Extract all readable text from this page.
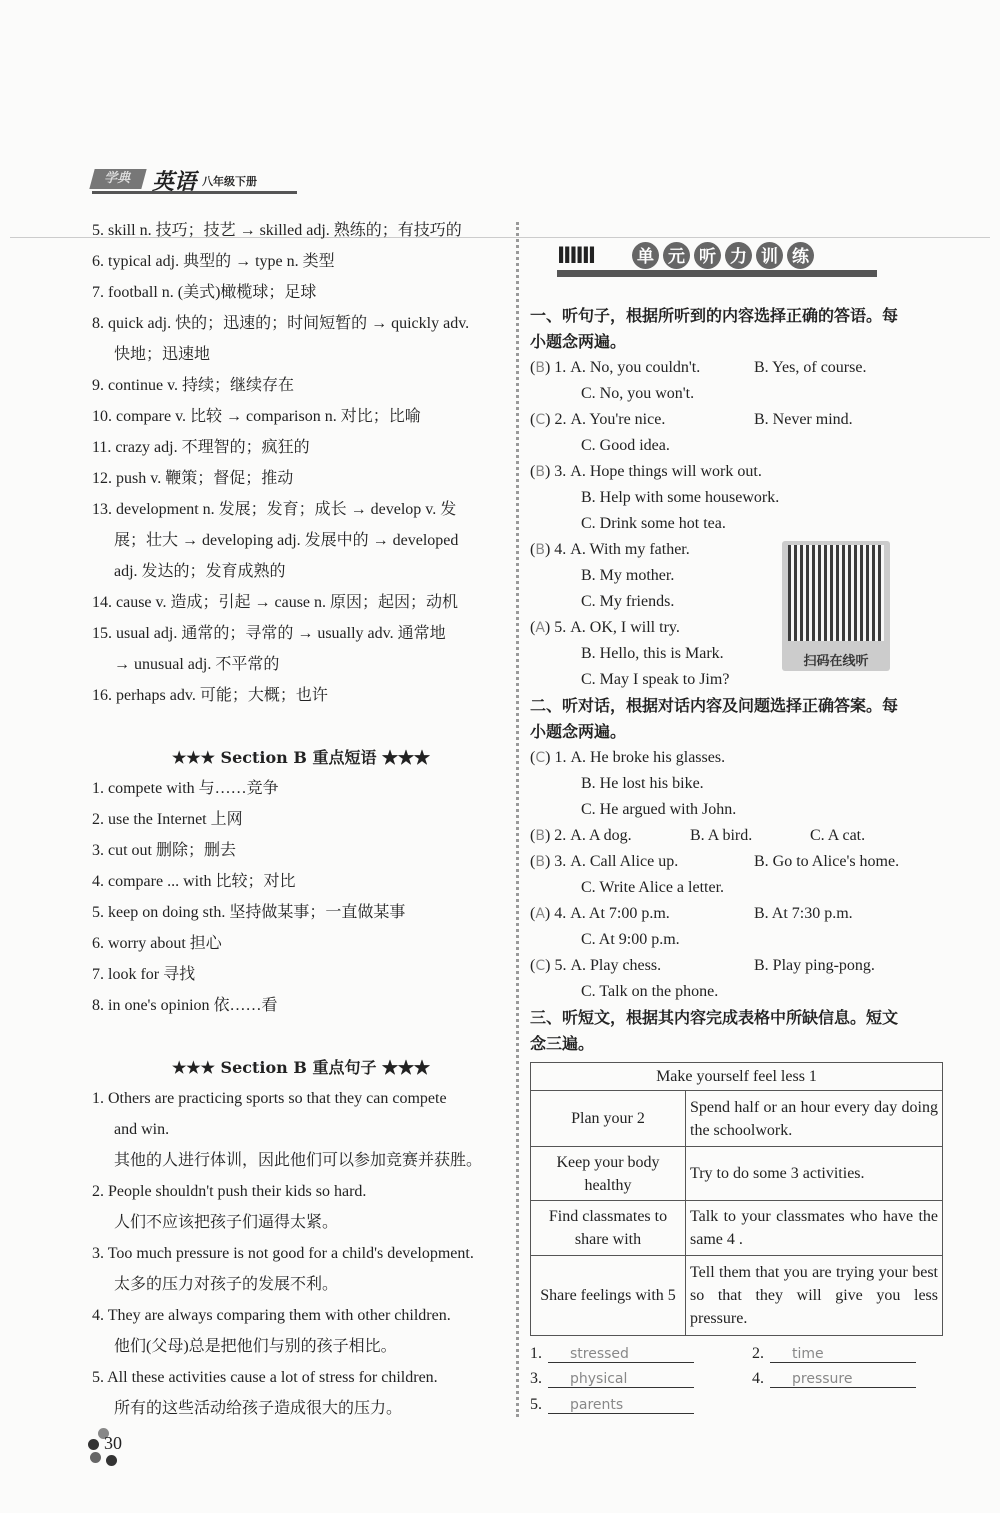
学典 英语 八年级下册
5. skill n. 技巧；技艺 → skilled adj. 熟练的；有技巧的
6. typical adj. 典型的 → type n. 类型
7. football n. (美式)橄榄球；足球
8. quick adj. 快的；迅速的；时间短暂的 → quickly adv.
快地；迅速地
9. continue v. 持续；继续存在
10. compare v. 比较 → comparison n. 对比；比喻
11. crazy adj. 不理智的；疯狂的
12. push v. 鞭策；督促；推动
13. development n. 发展；发育；成长 → develop v. 发
展；壮大 → developing adj. 发展中的 → developed
adj. 发达的；发育成熟的
14. cause v. 造成；引起 → cause n. 原因；起因；动机
15. usual adj. 通常的；寻常的 → usually adv. 通常地
→ unusual adj. 不平常的
16. perhaps adv. 可能；大概；也许
★★★ Section B 重点短语 ★★★
1. compete with 与……竞争
2. use the Internet 上网
3. cut out 删除；删去
4. compare ... with 比较；对比
5. keep on doing sth. 坚持做某事；一直做某事
6. worry about 担心
7. look for 寻找
8. in one's opinion 依……看
★★★ Section B 重点句子 ★★★
1. Others are practicing sports so that they can compete
and win.
其他的人进行体训，因此他们可以参加竞赛并获胜。
2. People shouldn't push their kids so hard.
人们不应该把孩子们逼得太紧。
3. Too much pressure is not good for a child's development.
太多的压力对孩子的发展不利。
4. They are always comparing them with other children.
他们(父母)总是把他们与别的孩子相比。
5. All these activities cause a lot of stress for children.
所有的这些活动给孩子造成很大的压力。
IIIIII	单 元 听 力 训 练
一、听句子，根据所听到的内容选择正确的答语。每
小题念两遍。
(B) 1. A. No, you couldn't.	B. Yes, of course.
C. No, you won't.
(C) 2. A. You're nice.	B. Never mind.
C. Good idea.
(B) 3. A. Hope things will work out.
B. Help with some housework.
C. Drink some hot tea.
(B) 4. A. With my father.
B. My mother.
C. My friends.
(A) 5. A. OK, I will try.
B. Hello, this is Mark.
C. May I speak to Jim?
二、听对话，根据对话内容及问题选择正确答案。每
小题念两遍。
(C) 1. A. He broke his glasses.
B. He lost his bike.
C. He argued with John.
(B) 2. A. A dog.	B. A bird.	C. A cat.
(B) 3. A. Call Alice up.	B. Go to Alice's home.
C. Write Alice a letter.
(A) 4. A. At 7:00 p.m.	B. At 7:30 p.m.
C. At 9:00 p.m.
(C) 5. A. Play chess.	B. Play ping-pong.
C. Talk on the phone.
三、听短文，根据其内容完成表格中所缺信息。短文
念三遍。
扫码在线听
Make yourself feel less 1	
Plan your 2	Spend half or an hour every day doing the schoolwork.
Keep your body healthy	Try to do some 3 activities.
Find classmates to share with	Talk to your classmates who have the same 4 .
Share feelings with 5	Tell them that you are trying your best so that they will give you less pressure.
1. stressed	2. time
3. physical	4. pressure
5. parents
30
